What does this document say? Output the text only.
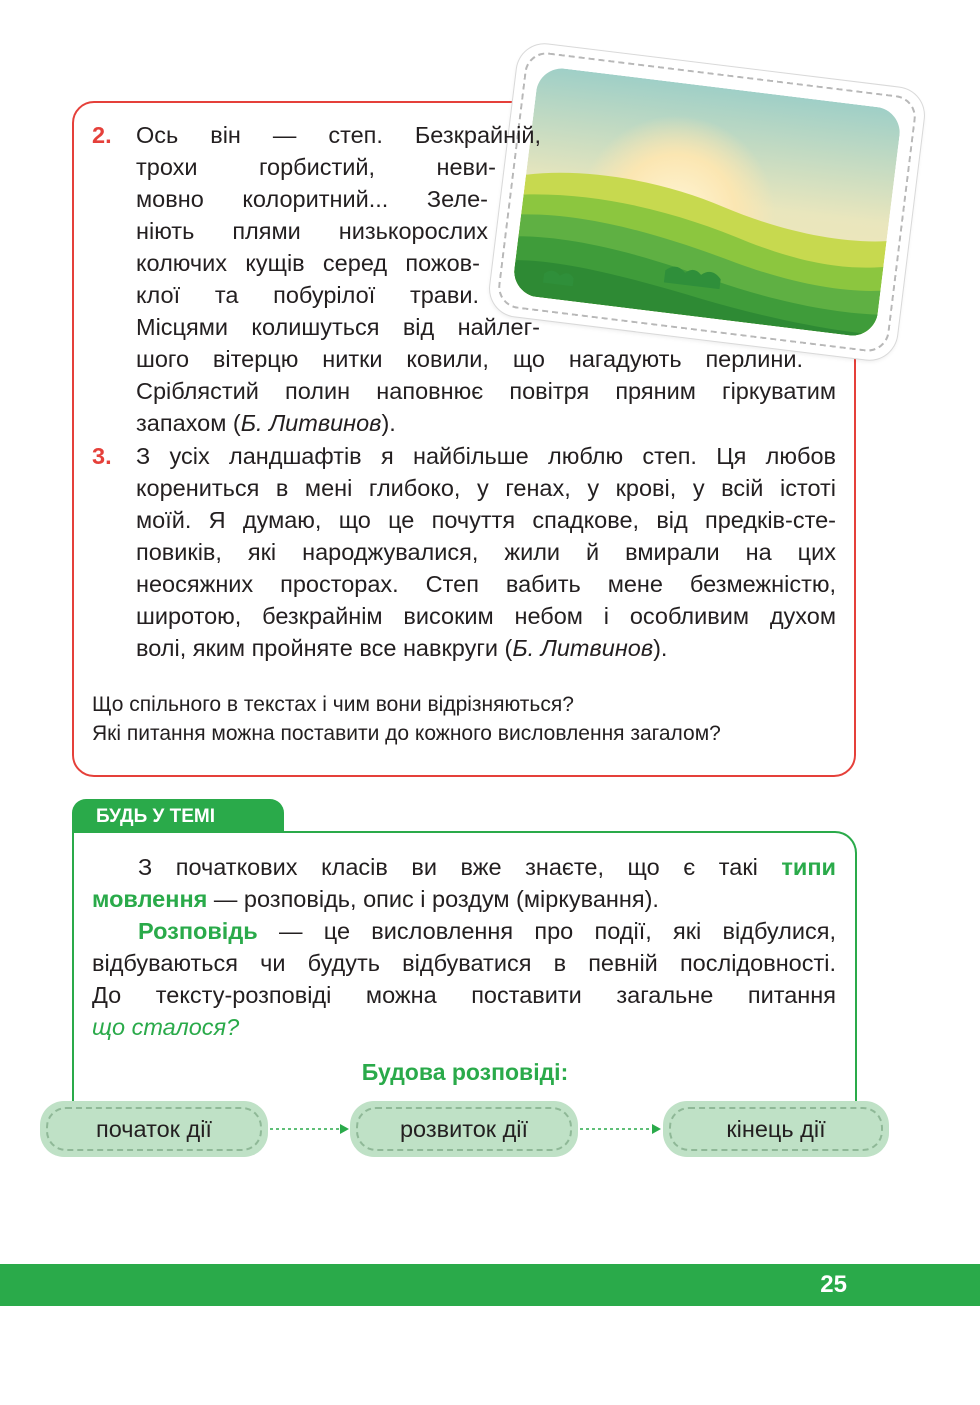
2. Ось він — степ. Безкрайній,
трохи горбистий, неви-
мовно колоритний... Зеле-
ніють плями низькорослих
колючих кущів серед пожов-
клої та побурілої трави.
Місцями колишуться від найлег-
шого вітерцю нитки ковили, що нагадують перлини.
Сріблястий полин наповнює повітря пряним гіркуватим
запахом (Б. Литвинов).
3. З усіх ландшафтів я найбільше люблю степ. Ця любов
корениться в мені глибоко, у генах, у крові, у всій істоті
моїй. Я думаю, що це почуття спадкове, від предків-сте-
повиків, які народжувалися, жили й вмирали на цих
неосяжних просторах. Степ вабить мене безмежністю,
широтою, безкрайнім високим небом і особливим духом
волі, яким пройняте все навкруги (Б. Литвинов).
Що спільного в текстах і чим вони відрізняються?
Які питання можна поставити до кожного висловлення загалом?
БУДЬ У ТЕМІ
З початкових класів ви вже знаєте, що є такі типи
мовлення — розповідь, опис і роздум (міркування).
Розповідь — це висловлення про події, які відбулися,
відбуваються чи будуть відбуватися в певній послідовності.
До тексту-розповіді можна поставити загальне питання
що сталося?
Будова розповіді:
початок дії	розвиток дії	кінець дії
25
